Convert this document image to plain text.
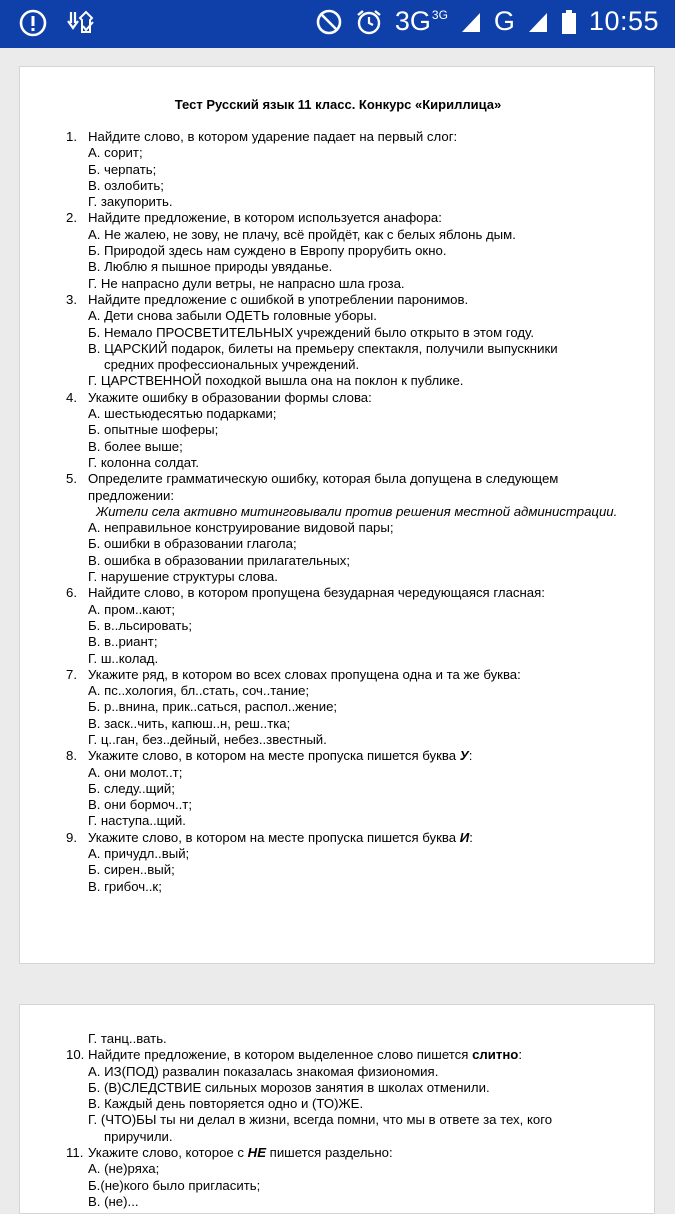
$3G^{3G}$ G	10:55
Тест Русский язык 11 класс. Конкурс «Кириллица»
1. Найдите слово, в котором ударение падает на первый слог:
А. сорит;
Б. черпать;
В. озлобить;
Г. закупорить.
2. Найдите предложение, в котором используется анафора:
А. Не жалею, не зову, не плачу, всё пройдёт, как с белых яблонь дым.
Б. Природой здесь нам суждено в Европу прорубить окно.
В. Люблю я пышное природы увяданье.
Г. Не напрасно дули ветры, не напрасно шла гроза.
3. Найдите предложение с ошибкой в употреблении паронимов.
А. Дети снова забыли ОДЕТЬ головные уборы.
Б. Немало ПРОСВЕТИТЕЛЬНЫХ учреждений было открыто в этом году.
В. ЦАРСКИЙ подарок, билеты на премьеру спектакля, получили выпускники
средних профессиональных учреждений.
Г. ЦАРСТВЕННОЙ походкой вышла она на поклон к публике.
4. Укажите ошибку в образовании формы слова:
А. шестьюдесятью подарками;
Б. опытные шоферы;
В. более выше;
Г. колонна солдат.
5. Определите грамматическую ошибку, которая была допущена в следующем
предложении:
Жители села активно митинговывали против решения местной администрации.
А. неправильное конструирование видовой пары;
Б. ошибки в образовании глагола;
В. ошибка в образовании прилагательных;
Г. нарушение структуры слова.
6. Найдите слово, в котором пропущена безударная чередующаяся гласная:
А. пром..кают;
Б. в..льсировать;
В. в..риант;
Г. ш..колад.
7. Укажите ряд, в котором во всех словах пропущена одна и та же буква:
А. пс..хология, бл..стать, соч..тание;
Б. р..внина, прик..саться, распол..жение;
В. заск..чить, капюш..н, реш..тка;
Г. ц..ган, без..дейный, небез..звестный.
8. Укажите слово, в котором на месте пропуска пишется буква У:
А. они молот..т;
Б. следу..щий;
В. они бормоч..т;
Г. наступа..щий.
9. Укажите слово, в котором на месте пропуска пишется буква И:
А. причудл..вый;
Б. сирен..вый;
В. грибоч..к;
Г. танц..вать.
10. Найдите предложение, в котором выделенное слово пишется слитно:
А. ИЗ(ПОД) развалин показалась знакомая физиономия.
Б. (В)СЛЕДСТВИЕ сильных морозов занятия в школах отменили.
В. Каждый день повторяется одно и (ТО)ЖЕ.
Г. (ЧТО)БЫ ты ни делал в жизни, всегда помни, что мы в ответе за тех, кого
приручили.
11. Укажите слово, которое с НЕ пишется раздельно:
А. (не)ряха;
Б.(не)кого было пригласить;
В. (не)...
